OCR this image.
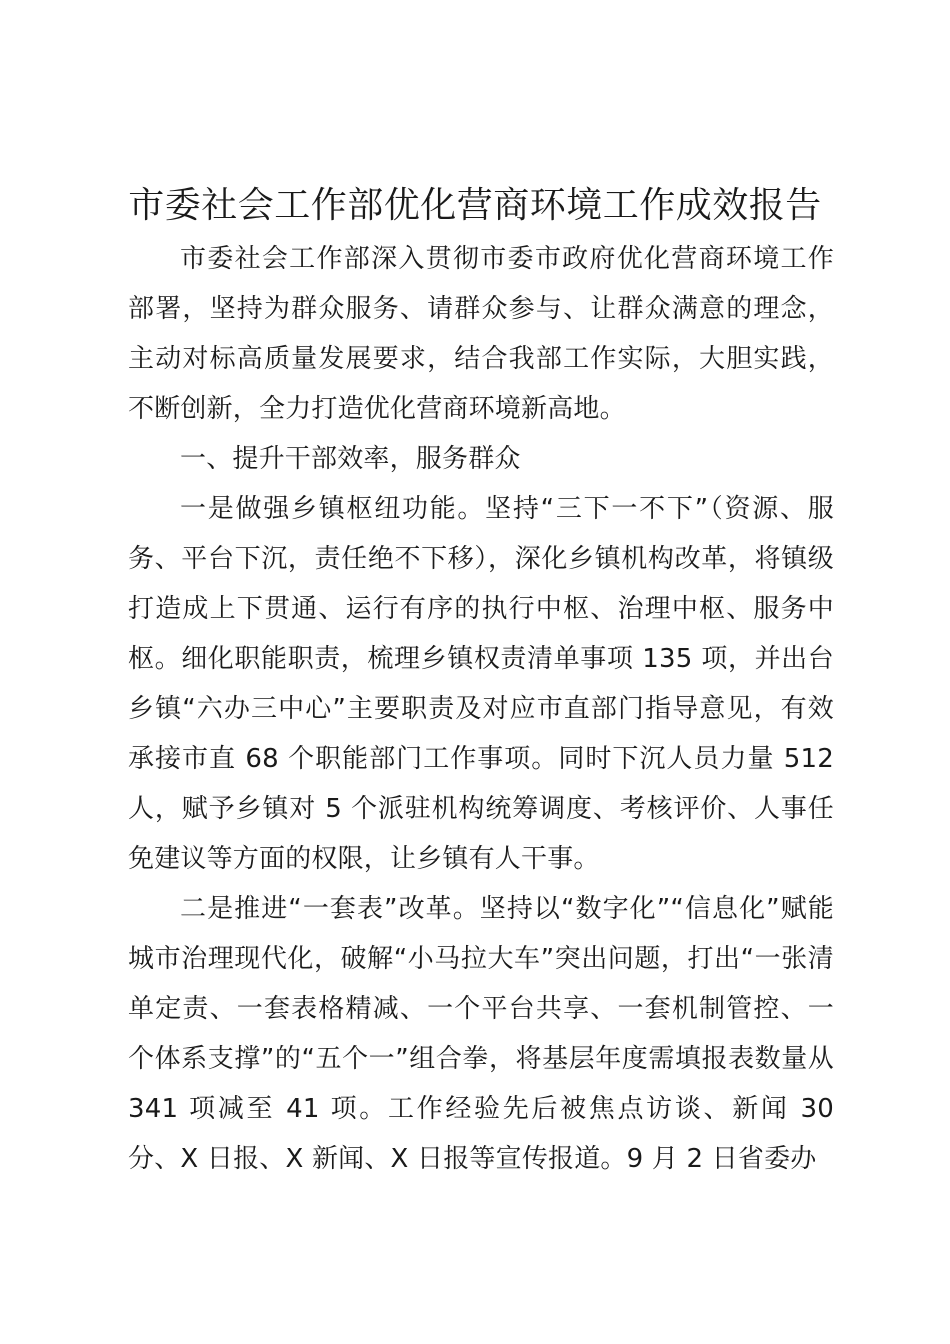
市委社会工作部优化营商环境工作成效报告

市委社会工作部深入贯彻市委市政府优化营商环境工作部署，坚持为群众服务、请群众参与、让群众满意的理念，主动对标高质量发展要求，结合我部工作实际，大胆实践，不断创新，全力打造优化营商环境新高地。

一、提升干部效率，服务群众

一是做强乡镇枢纽功能。坚持“三下一不下”（资源、服务、平台下沉，责任绝不下移），深化乡镇机构改革，将镇级打造成上下贯通、运行有序的执行中枢、治理中枢、服务中枢。细化职能职责，梳理乡镇权责清单事项 135 项，并出台乡镇“六办三中心”主要职责及对应市直部门指导意见，有效承接市直 68 个职能部门工作事项。同时下沉人员力量 512 人，赋予乡镇对 5 个派驻机构统筹调度、考核评价、人事任免建议等方面的权限，让乡镇有人干事。

二是推进“一套表”改革。坚持以“数字化”“信息化”赋能城市治理现代化，破解“小马拉大车”突出问题，打出“一张清单定责、一套表格精减、一个平台共享、一套机制管控、一个体系支撑”的“五个一”组合拳，将基层年度需填报表数量从 341 项减至 41 项。工作经验先后被焦点访谈、新闻 30 分、X 日报、X 新闻、X 日报等宣传报道。9 月 2 日省委办
